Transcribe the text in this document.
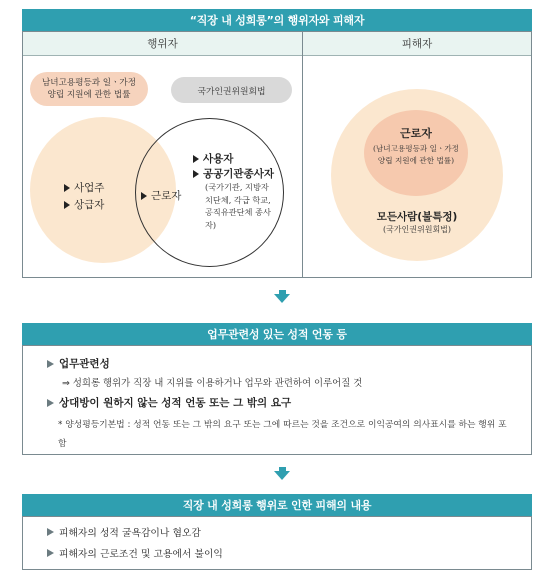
“직장 내 성희롱”의 행위자와 피해자
행위자	피해자
남녀고용평등과 일ㆍ가정 양립 지원에 관한 법률	국가인권위원회법
사업주
상급자
근로자
사용자
공공기관종사자
(국가기관, 지방자치단체, 각급 학교, 공직유관단체 종사자)
근로자
(남녀고용평등과 일ㆍ가정 양립 지원에 관한 법률)
모든사람(불특정)
(국가인권위원회법)
업무관련성 있는 성적 언동 등
업무관련성
⇒ 성희롱 행위가 직장 내 지위를 이용하거나 업무와 관련하여 이루어질 것
상대방이 원하지 않는 성적 언동 또는 그 밖의 요구
* 양성평등기본법 : 성적 언동 또는 그 밖의 요구 또는 그에 따르는 것을 조건으로 이익공여의 의사표시를 하는 행위 포함
직장 내 성희롱 행위로 인한 피해의 내용
피해자의 성적 굴욕감이나 혐오감
피해자의 근로조건 및 고용에서 불이익
